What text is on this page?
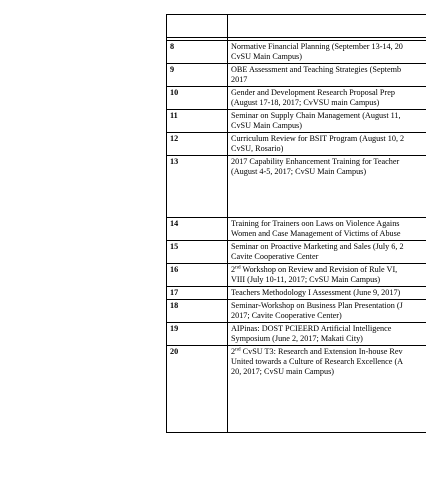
8	Normative Financial Planning (September 13-14, 20
CvSU Main Campus)
9	OBE Assessment and Teaching Strategies (Septemb
2017
10	Gender and Development Research Proposal Prep
(August 17-18, 2017; CvVSU main Campus)
11	Seminar on Supply Chain Management (August 11,
CvSU Main Campus)
12	Curriculum Review for BSIT Program (August 10, 2
CvSU, Rosario)
13	2017 Capability Enhancement Training for Teacher
(August 4-5, 2017; CvSU Main Campus)
14	Training for Trainers oon Laws on Violence Agains
Women and Case Management of Victims of Abuse
15	Seminar on Proactive Marketing and Sales (July 6, 2
Cavite Cooperative Center
16	2nd Workshop on Review and Revision of Rule VI,
VIII (July 10-11, 2017; CvSU Main Campus)
17	Teachers Methodology I Assessment (June 9, 2017)
18	Seminar-Workshop on Business Plan Presentation (J
2017; Cavite Cooperative Center)
19	AIPinas: DOST PCIEERD Artificial Intelligence
Symposium (June 2, 2017; Makati City)
20	2nd CvSU T3: Research and Extension In-house Rev
United towards a Culture of Research Excellence (A
20, 2017; CvSU main Campus)
